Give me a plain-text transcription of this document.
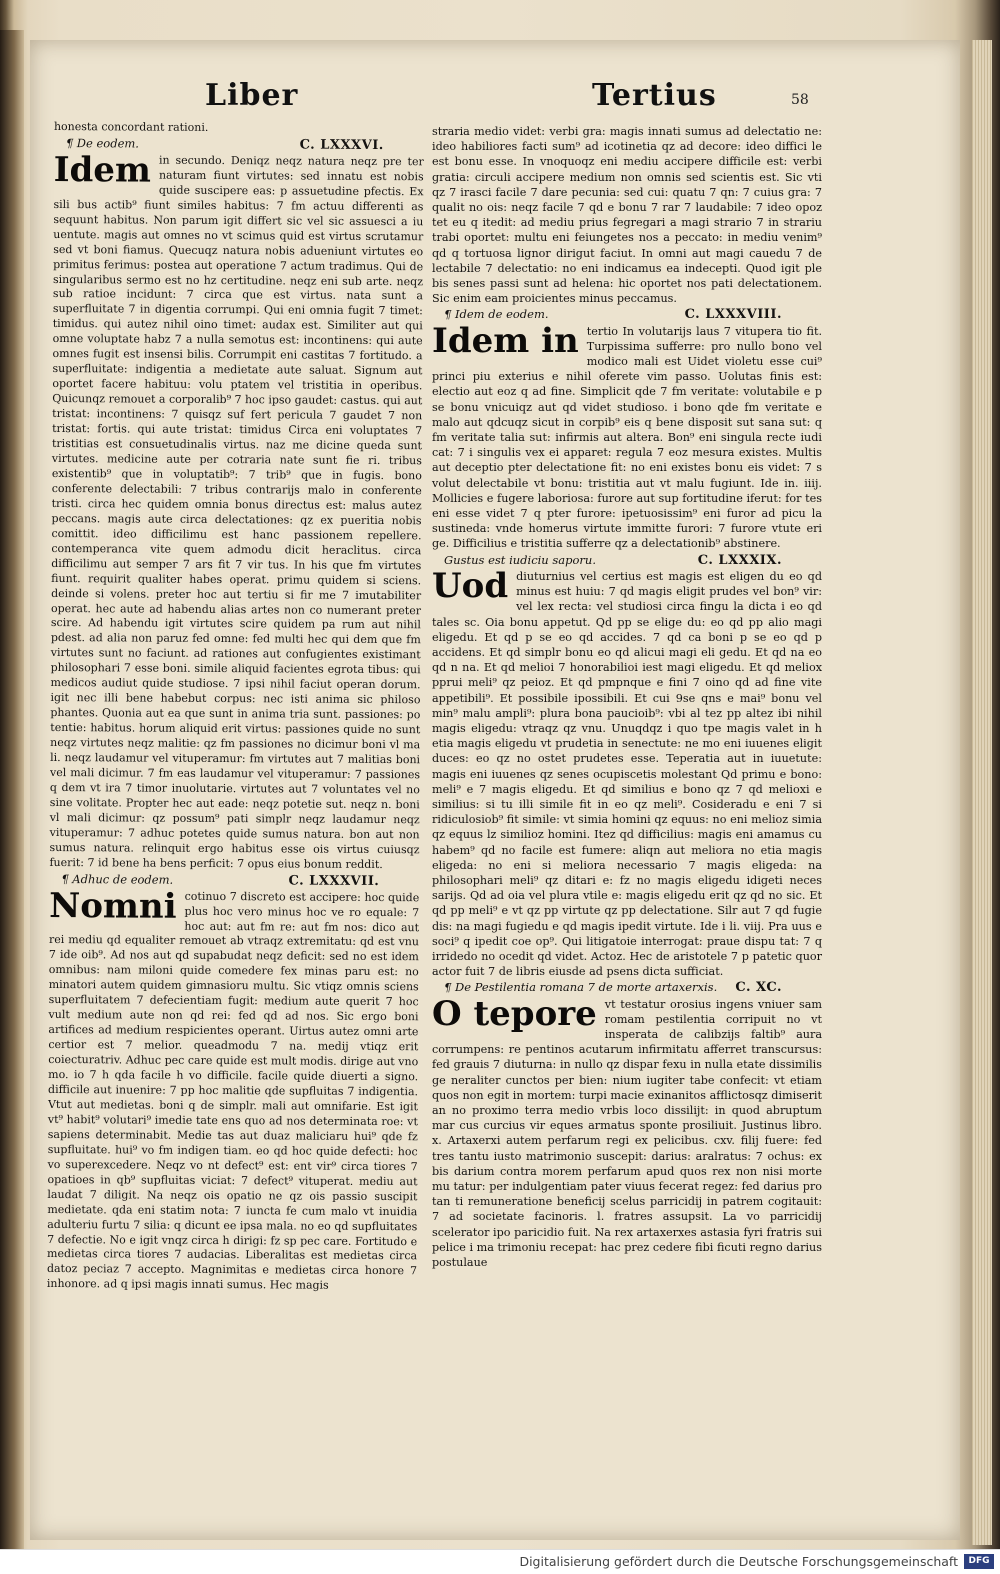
Liber	Tertius	58

honesta concordant rationi.

¶ De eodem.	C. LXXXVI.

Idem in secundo. Deniqz neqz natura neqz pre ter naturam fiunt virtutes: sed innatu est nobis quide suscipere eas: p assuetudine pfectis. Ex sili bus actib⁹ fiunt similes habitus: 7 fm actuu differenti as sequunt habitus. Non parum igit differt sic vel sic assuesci a iu uentute. magis aut omnes no vt scimus quid est virtus scrutamur sed vt boni fiamus. Quecuqz natura nobis adueniunt virtutes eo primitus ferimus: postea aut operatione 7 actum tradimus. Qui de singularibus sermo est no hz certitudine. neqz eni sub arte. neqz sub ratioe incidunt: 7 circa que est virtus. nata sunt a superfluitate 7 in digentia corrumpi. Qui eni omnia fugit 7 timet: timidus. qui autez nihil oino timet: audax est. Similiter aut qui omne voluptate habz 7 a nulla semotus est: incontinens: qui aute omnes fugit est insensi bilis. Corrumpit eni castitas 7 fortitudo. a superfluitate: indigentia a medietate aute saluat. Signum aut oportet facere habituu: volu ptatem vel tristitia in operibus. Quicunqz remouet a corporalib⁹ 7 hoc ipso gaudet: castus. qui aut tristat: incontinens: 7 quisqz suf fert pericula 7 gaudet 7 non tristat: fortis. qui aute tristat: timidus Circa eni voluptates 7 tristitias est consuetudinalis virtus. naz me dicine queda sunt virtutes. medicine aute per cotraria nate sunt fie ri. tribus existentib⁹ que in voluptatib⁹: 7 trib⁹ que in fugis. bono conferente delectabili: 7 tribus contrarijs malo in conferente tristi. circa hec quidem omnia bonus directus est: malus autez peccans. magis aute circa delectationes: qz ex pueritia nobis comittit. ideo difficilimu est hanc passionem repellere. contemperanca vite quem admodu dicit heraclitus. circa difficilimu aut semper 7 ars fit 7 vir tus. In his que fm virtutes fiunt. requirit qualiter habes operat. primu quidem si sciens. deinde si volens. preter hoc aut tertiu si fir me 7 imutabiliter operat. hec aute ad habendu alias artes non co numerant preter scire. Ad habendu igit virtutes scire quidem pa rum aut nihil pdest. ad alia non paruz fed omne: fed multi hec qui dem que fm virtutes sunt no faciunt. ad rationes aut confugientes existimant philosophari 7 esse boni. simile aliquid facientes egrota tibus: qui medicos audiut quide studiose. 7 ipsi nihil faciut operan dorum. igit nec illi bene habebut corpus: nec isti anima sic philoso phantes. Quonia aut ea que sunt in anima tria sunt. passiones: po tentie: habitus. horum aliquid erit virtus: passiones quide no sunt neqz virtutes neqz malitie: qz fm passiones no dicimur boni vl ma li. neqz laudamur vel vituperamur: fm virtutes aut 7 malitias boni vel mali dicimur. 7 fm eas laudamur vel vituperamur: 7 passiones q dem vt ira 7 timor inuolutarie. virtutes aut 7 voluntates vel no sine volitate. Propter hec aut eade: neqz potetie sut. neqz n. boni vl mali dicimur: qz possum⁹ pati simplr neqz laudamur neqz vituperamur: 7 adhuc potetes quide sumus natura. bon aut non sumus natura. relinquit ergo habitus esse ois virtus cuiusqz fuerit: 7 id bene ha bens perficit: 7 opus eius bonum reddit.

¶ Adhuc de eodem.	C. LXXXVII.

Nomni cotinuo 7 discreto est accipere: hoc quide plus hoc vero minus hoc ve ro equale: 7 hoc aut: aut fm re: aut fm nos: dico aut rei mediu qd equaliter remouet ab vtraqz extremitatu: qd est vnu 7 ide oib⁹. Ad nos aut qd supabudat neqz deficit: sed no est idem omnibus: nam miloni quide comedere fex minas paru est: no minatori autem quidem gimnasioru multu. Sic vtiqz omnis sciens superfluitatem 7 defecientiam fugit: medium aute querit 7 hoc vult medium aute non qd rei: fed qd ad nos. Sic ergo boni artifices ad medium respicientes operant. Uirtus autez omni arte certior est 7 melior. queadmodu 7 na. medij vtiqz erit coiecturatriv. Adhuc pec care quide est mult modis. dirige aut vno mo. io 7 h qda facile h vo difficile. facile quide diuerti a signo. difficile aut inuenire: 7 pp hoc malitie qde supfluitas 7 indigentia. Vtut aut medietas. boni q de simplr. mali aut omnifarie. Est igit vt⁹ habit⁹ volutari⁹ imedie tate ens quo ad nos determinata roe: vt sapiens determinabit. Medie tas aut duaz maliciaru hui⁹ qde fz supfluitate. hui⁹ vo fm indigen tiam. eo qd hoc quide defecti: hoc vo superexcedere. Neqz vo nt defect⁹ est: ent vir⁹ circa tiores 7 opatioes in qb⁹ supfluitas viciat: 7 defect⁹ vituperat. mediu aut laudat 7 diligit. Na neqz ois opatio ne qz ois passio suscipit medietate. qda eni statim nota: 7 iuncta fe cum malo vt inuidia adulteriu furtu 7 silia: q dicunt ee ipsa mala. no eo qd supfluitates 7 defectie. No e igit vnqz circa h dirigi: fz sp pec care. Fortitudo e medietas circa tiores 7 audacias. Liberalitas est medietas circa datoz peciaz 7 accepto. Magnimitas e medietas circa honore 7 inhonore. ad q ipsi magis innati sumus. Hec magis

straria medio videt: verbi gra: magis innati sumus ad delectatio ne: ideo habiliores facti sum⁹ ad icotinetia qz ad decore: ideo diffici le est bonu esse. In vnoquoqz eni mediu accipere difficile est: verbi gratia: circuli accipere medium non omnis sed scientis est. Sic vti qz 7 irasci facile 7 dare pecunia: sed cui: quatu 7 qn: 7 cuius gra: 7 qualit no ois: neqz facile 7 qd e bonu 7 rar 7 laudabile: 7 ideo opoz tet eu q itedit: ad mediu prius fegregari a magi strario 7 in strariu trabi oportet: multu eni feiungetes nos a peccato: in mediu venim⁹ qd q tortuosa lignor dirigut faciut. In omni aut magi cauedu 7 de lectabile 7 delectatio: no eni indicamus ea indecepti. Quod igit ple bis senes passi sunt ad helena: hic oportet nos pati delectationem. Sic enim eam proicientes minus peccamus.

¶ Idem de eodem.	C. LXXXVIII.

Idem in tertio In volutarijs laus 7 vitupera tio fit. Turpissima sufferre: pro nullo bono vel modico mali est Uidet violetu esse cui⁹ princi piu exterius e nihil oferete vim passo. Uolutas finis est: electio aut eoz q ad fine. Simplicit qde 7 fm veritate: volutabile e p se bonu vnicuiqz aut qd videt studioso. i bono qde fm veritate e malo aut qdcuqz sicut in corpib⁹ eis q bene disposit sut sana sut: q fm veritate talia sut: infirmis aut altera. Bon⁹ eni singula recte iudi cat: 7 i singulis vex ei apparet: regula 7 eoz mesura existes. Multis aut deceptio pter delectatione fit: no eni existes bonu eis videt: 7 s volut delectabile vt bonu: tristitia aut vt malu fugiunt. Ide in. iiij. Mollicies e fugere laboriosa: furore aut sup fortitudine iferut: for tes eni esse videt 7 q pter furore: ipetuosissim⁹ eni furor ad picu la sustineda: vnde homerus virtute immitte furori: 7 furore vtute eri ge. Difficilius e tristitia sufferre qz a delectationib⁹ abstinere.

Gustus est iudiciu saporu.	C. LXXXIX.

Uod diuturnius vel certius est magis est eligen du eo qd minus est huiu: 7 qd magis eligit prudes vel bon⁹ vir: vel lex recta: vel studiosi circa fingu la dicta i eo qd tales sc. Oia bonu appetut. Qd pp se elige du: eo qd pp alio magi eligedu. Et qd p se eo qd accides. 7 qd ca boni p se eo qd p accidens. Et qd simplr bonu eo qd alicui magi eli gedu. Et qd na eo qd n na. Et qd melioi 7 honorabilioi iest magi eligedu. Et qd meliox pprui meli⁹ qz peioz. Et qd pmpnque e fini 7 oino qd ad fine vite appetibili⁹. Et possibile ipossibili. Et cui 9se qns e mai⁹ bonu vel min⁹ malu ampli⁹: plura bona paucioib⁹: vbi al tez pp altez ibi nihil magis eligedu: vtraqz qz vnu. Unuqdqz i quo tpe magis valet in h etia magis eligedu vt prudetia in senectute: ne mo eni iuuenes eligit duces: eo qz no ostet prudetes esse. Teperatia aut in iuuetute: magis eni iuuenes qz senes ocupiscetis molestant Qd primu e bono: meli⁹ e 7 magis eligedu. Et qd similius e bono qz 7 qd melioxi e similius: si tu illi simile fit in eo qz meli⁹. Cosideradu e eni 7 si ridiculosiob⁹ fit simile: vt simia homini qz equus: no eni melioz simia qz equus lz similioz homini. Itez qd difficilius: magis eni amamus cu habem⁹ qd no facile est fumere: aliqn aut meliora no etia magis eligeda: no eni si meliora necessario 7 magis eligeda: na philosophari meli⁹ qz ditari e: fz no magis eligedu idigeti neces sarijs. Qd ad oia vel plura vtile e: magis eligedu erit qz qd no sic. Et qd pp meli⁹ e vt qz pp virtute qz pp delectatione. Silr aut 7 qd fugie dis: na magi fugiedu e qd magis ipedit virtute. Ide i li. viij. Pra uus e soci⁹ q ipedit coe op⁹. Qui litigatoie interrogat: praue dispu tat: 7 q irridedo no ocedit qd videt. Actoz. Hec de aristotele 7 p patetic quor actor fuit 7 de libris eiusde ad psens dicta sufficiat.

¶ De Pestilentia romana 7 de morte artaxerxis. C. XC.

O tepore vt testatur orosius ingens vniuer sam romam pestilentia corripuit no vt insperata de calibzijs faltib⁹ aura corrumpens: re pentinos acutarum infirmitatu afferret transcursus: fed grauis 7 diuturna: in nullo qz dispar fexu in nulla etate dissimilis ge neraliter cunctos per bien: nium iugiter tabe confecit: vt etiam quos non egit in mortem: turpi macie exinanitos afflictosqz dimiserit an no proximo terra medio vrbis loco dissilijt: in quod abruptum mar cus curcius vir eques armatus sponte prosiliuit. Justinus libro. x. Artaxerxi autem perfarum regi ex pelicibus. cxv. filij fuere: fed tres tantu iusto matrimonio suscepit: darius: aralratus: 7 ochus: ex bis darium contra morem perfarum apud quos rex non nisi morte mu tatur: per indulgentiam pater viuus fecerat regez: fed darius pro tan ti remuneratione beneficij scelus parricidij in patrem cogitauit: 7 ad societate facinoris. l. fratres assupsit. La vo parricidij scelerator ipo paricidio fuit. Na rex artaxerxes astasia fyri fratris sui pelice i ma trimoniu recepat: hac prez cedere fibi ficuti regno darius postulaue

Digitalisierung gefördert durch die Deutsche Forschungsgemeinschaft	DFG
